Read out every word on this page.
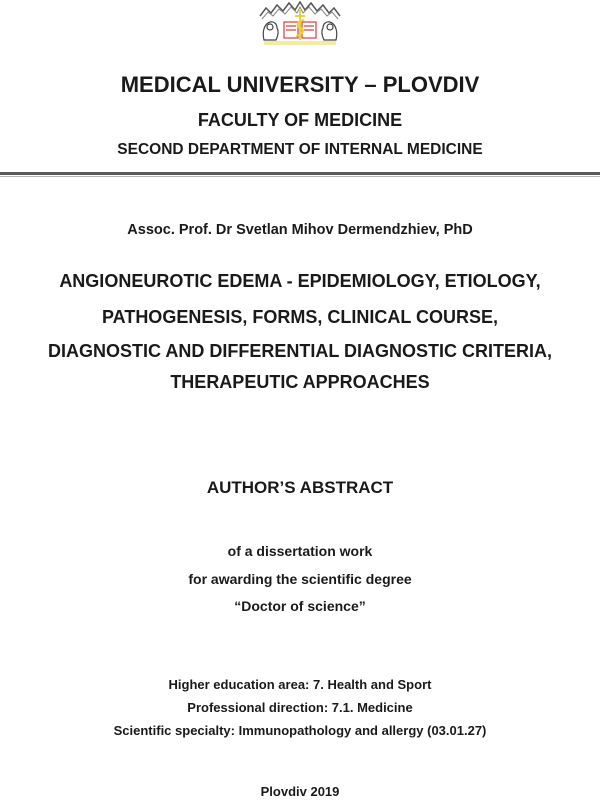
MEDICAL UNIVERSITY – PLOVDIV
FACULTY OF MEDICINE
SECOND DEPARTMENT OF INTERNAL MEDICINE
Assoc. Prof. Dr Svetlan Mihov Dermendzhiev, PhD
ANGIONEUROTIC EDEMA - EPIDEMIOLOGY, ETIOLOGY,
PATHOGENESIS, FORMS, CLINICAL COURSE,
DIAGNOSTIC AND DIFFERENTIAL DIAGNOSTIC CRITERIA,
THERAPEUTIC APPROACHES
AUTHOR’S ABSTRACT
of a dissertation work
for awarding the scientific degree
“Doctor of science”
Higher education area: 7. Health and Sport
Professional direction: 7.1. Medicine
Scientific specialty: Immunopathology and allergy (03.01.27)
Plovdiv 2019
